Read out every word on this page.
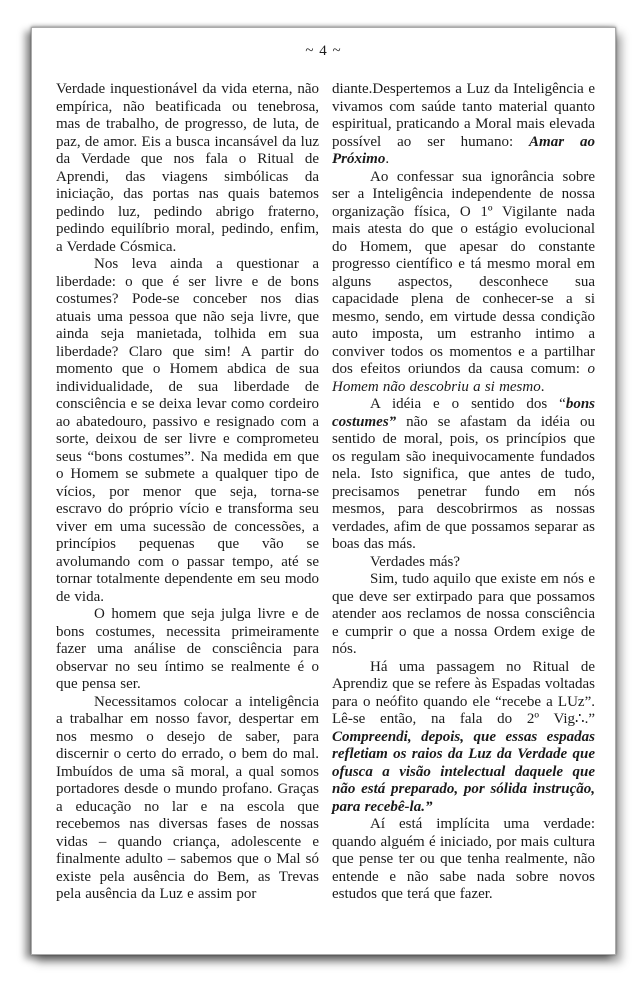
~ 4 ~

Verdade inquestionável da vida eterna, não empírica, não beatificada ou tenebrosa, mas de trabalho, de progresso, de luta, de paz, de amor. Eis a busca incansável da luz da Verdade que nos fala o Ritual de Aprendi, das viagens simbólicas da iniciação, das portas nas quais batemos pedindo luz, pedindo abrigo fraterno, pedindo equilíbrio moral, pedindo, enfim, a Verdade Cósmica.

Nos leva ainda a questionar a liberdade: o que é ser livre e de bons costumes? Pode-se conceber nos dias atuais uma pessoa que não seja livre, que ainda seja manietada, tolhida em sua liberdade? Claro que sim! A partir do momento que o Homem abdica de sua individualidade, de sua liberdade de consciência e se deixa levar como cordeiro ao abatedouro, passivo e resignado com a sorte, deixou de ser livre e comprometeu seus “bons costumes”. Na medida em que o Homem se submete a qualquer tipo de vícios, por menor que seja, torna-se escravo do próprio vício e transforma seu viver em uma sucessão de concessões, a princípios pequenas que vão se avolumando com o passar tempo, até se tornar totalmente dependente em seu modo de vida.

O homem que seja julga livre e de bons costumes, necessita primeiramente fazer uma análise de consciência para observar no seu íntimo se realmente é o que pensa ser.

Necessitamos colocar a inteligência a trabalhar em nosso favor, despertar em nos mesmo o desejo de saber, para discernir o certo do errado, o bem do mal. Imbuídos de uma sã moral, a qual somos portadores desde o mundo profano. Graças a educação no lar e na escola que recebemos nas diversas fases de nossas vidas – quando criança, adolescente e finalmente adulto – sabemos que o Mal só existe pela ausência do Bem, as Trevas pela ausência da Luz e assim por

diante.Despertemos a Luz da Inteligência e vivamos com saúde tanto material quanto espiritual, praticando a Moral mais elevada possível ao ser humano: Amar ao Próximo.

Ao confessar sua ignorância sobre ser a Inteligência independente de nossa organização física, O 1º Vigilante nada mais atesta do que o estágio evolucional do Homem, que apesar do constante progresso científico e tá mesmo moral em alguns aspectos, desconhece sua capacidade plena de conhecer-se a si mesmo, sendo, em virtude dessa condição auto imposta, um estranho intimo a conviver todos os momentos e a partilhar dos efeitos oriundos da causa comum: o Homem não descobriu a si mesmo.

A idéia e o sentido dos “bons costumes” não se afastam da idéia ou sentido de moral, pois, os princípios que os regulam são inequivocamente fundados nela. Isto significa, que antes de tudo, precisamos penetrar fundo em nós mesmos, para descobrirmos as nossas verdades, afim de que possamos separar as boas das más.

Verdades más?

Sim, tudo aquilo que existe em nós e que deve ser extirpado para que possamos atender aos reclamos de nossa consciência e cumprir o que a nossa Ordem exige de nós.

Há uma passagem no Ritual de Aprendiz que se refere às Espadas voltadas para o neófito quando ele “recebe a LUz”. Lê-se então, na fala do 2º Vig∴.” Compreendi, depois, que essas espadas refletiam os raios da Luz da Verdade que ofusca a visão intelectual daquele que não está preparado, por sólida instrução, para recebê-la.”

Aí está implícita uma verdade: quando alguém é iniciado, por mais cultura que pense ter ou que tenha realmente, não entende e não sabe nada sobre novos estudos que terá que fazer.
